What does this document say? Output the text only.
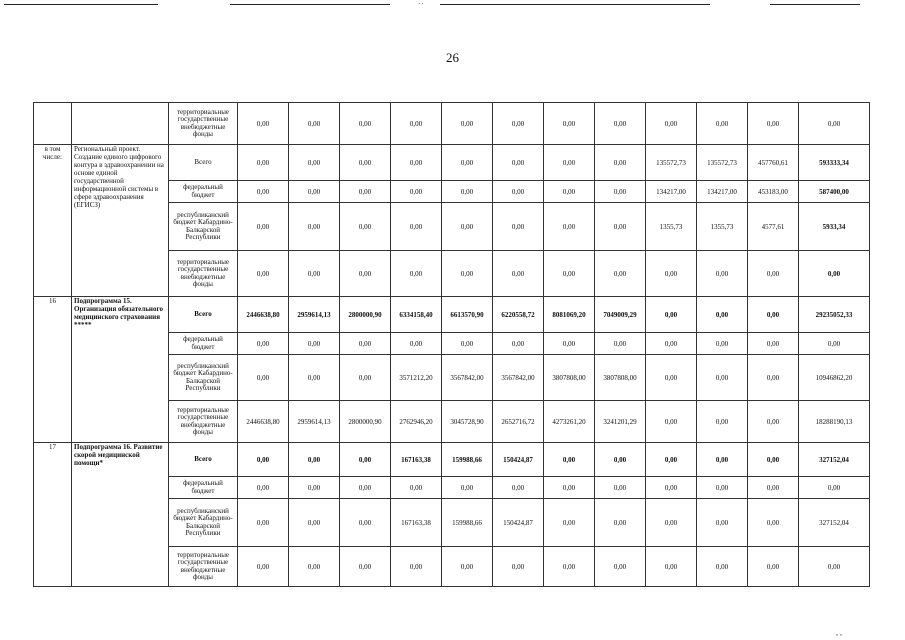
··
26
		территориальные государственные внебюджетные фонды	0,00	0,00	0,00	0,00	0,00	0,00	0,00	0,00	0,00	0,00	0,00	0,00
в том числе:	Региональный проект. Создание единого цифрового контура в здравоохранении на основе единой государственной информационной системы в сфере здравоохранения (ЕГИСЗ)	Всего	0,00	0,00	0,00	0,00	0,00	0,00	0,00	0,00	135572,73	135572,73	457760,61	593333,34
		федеральный бюджет	0,00	0,00	0,00	0,00	0,00	0,00	0,00	0,00	134217,00	134217,00	453183,00	587400,00
		республиканский бюджет Кабардино-Балкарской Республики	0,00	0,00	0,00	0,00	0,00	0,00	0,00	0,00	1355,73	1355,73	4577,61	5933,34
		территориальные государственные внебюджетные фонды	0,00	0,00	0,00	0,00	0,00	0,00	0,00	0,00	0,00	0,00	0,00	0,00
16	Подпрограмма 15. Организация обязательного медицинского страхования *****	Всего	2446638,80	2959614,13	2800000,90	6334158,40	6613570,90	6220558,72	8081069,20	7049009,29	0,00	0,00	0,00	29235052,33
		федеральный бюджет	0,00	0,00	0,00	0,00	0,00	0,00	0,00	0,00	0,00	0,00	0,00	0,00
		республиканский бюджет Кабардино-Балкарской Республики	0,00	0,00	0,00	3571212,20	3567842,00	3567842,00	3807808,00	3807808,00	0,00	0,00	0,00	10946862,20
		территориальные государственные внебюджетные фонды	2446638,80	2959614,13	2800000,90	2762946,20	3045728,90	2652716,72	4273261,20	3241201,29	0,00	0,00	0,00	18288190,13
17	Подпрограмма 16. Развитие скорой медицинской помощи*	Всего	0,00	0,00	0,00	167163,38	159988,66	150424,87	0,00	0,00	0,00	0,00	0,00	327152,04
		федеральный бюджет	0,00	0,00	0,00	0,00	0,00	0,00	0,00	0,00	0,00	0,00	0,00	0,00
		республиканский бюджет Кабардино-Балкарской Республики	0,00	0,00	0,00	167163,38	159988,66	150424,87	0,00	0,00	0,00	0,00	0,00	327152,04
		территориальные государственные внебюджетные фонды	0,00	0,00	0,00	0,00	0,00	0,00	0,00	0,00	0,00	0,00	0,00	0,00
, ,
